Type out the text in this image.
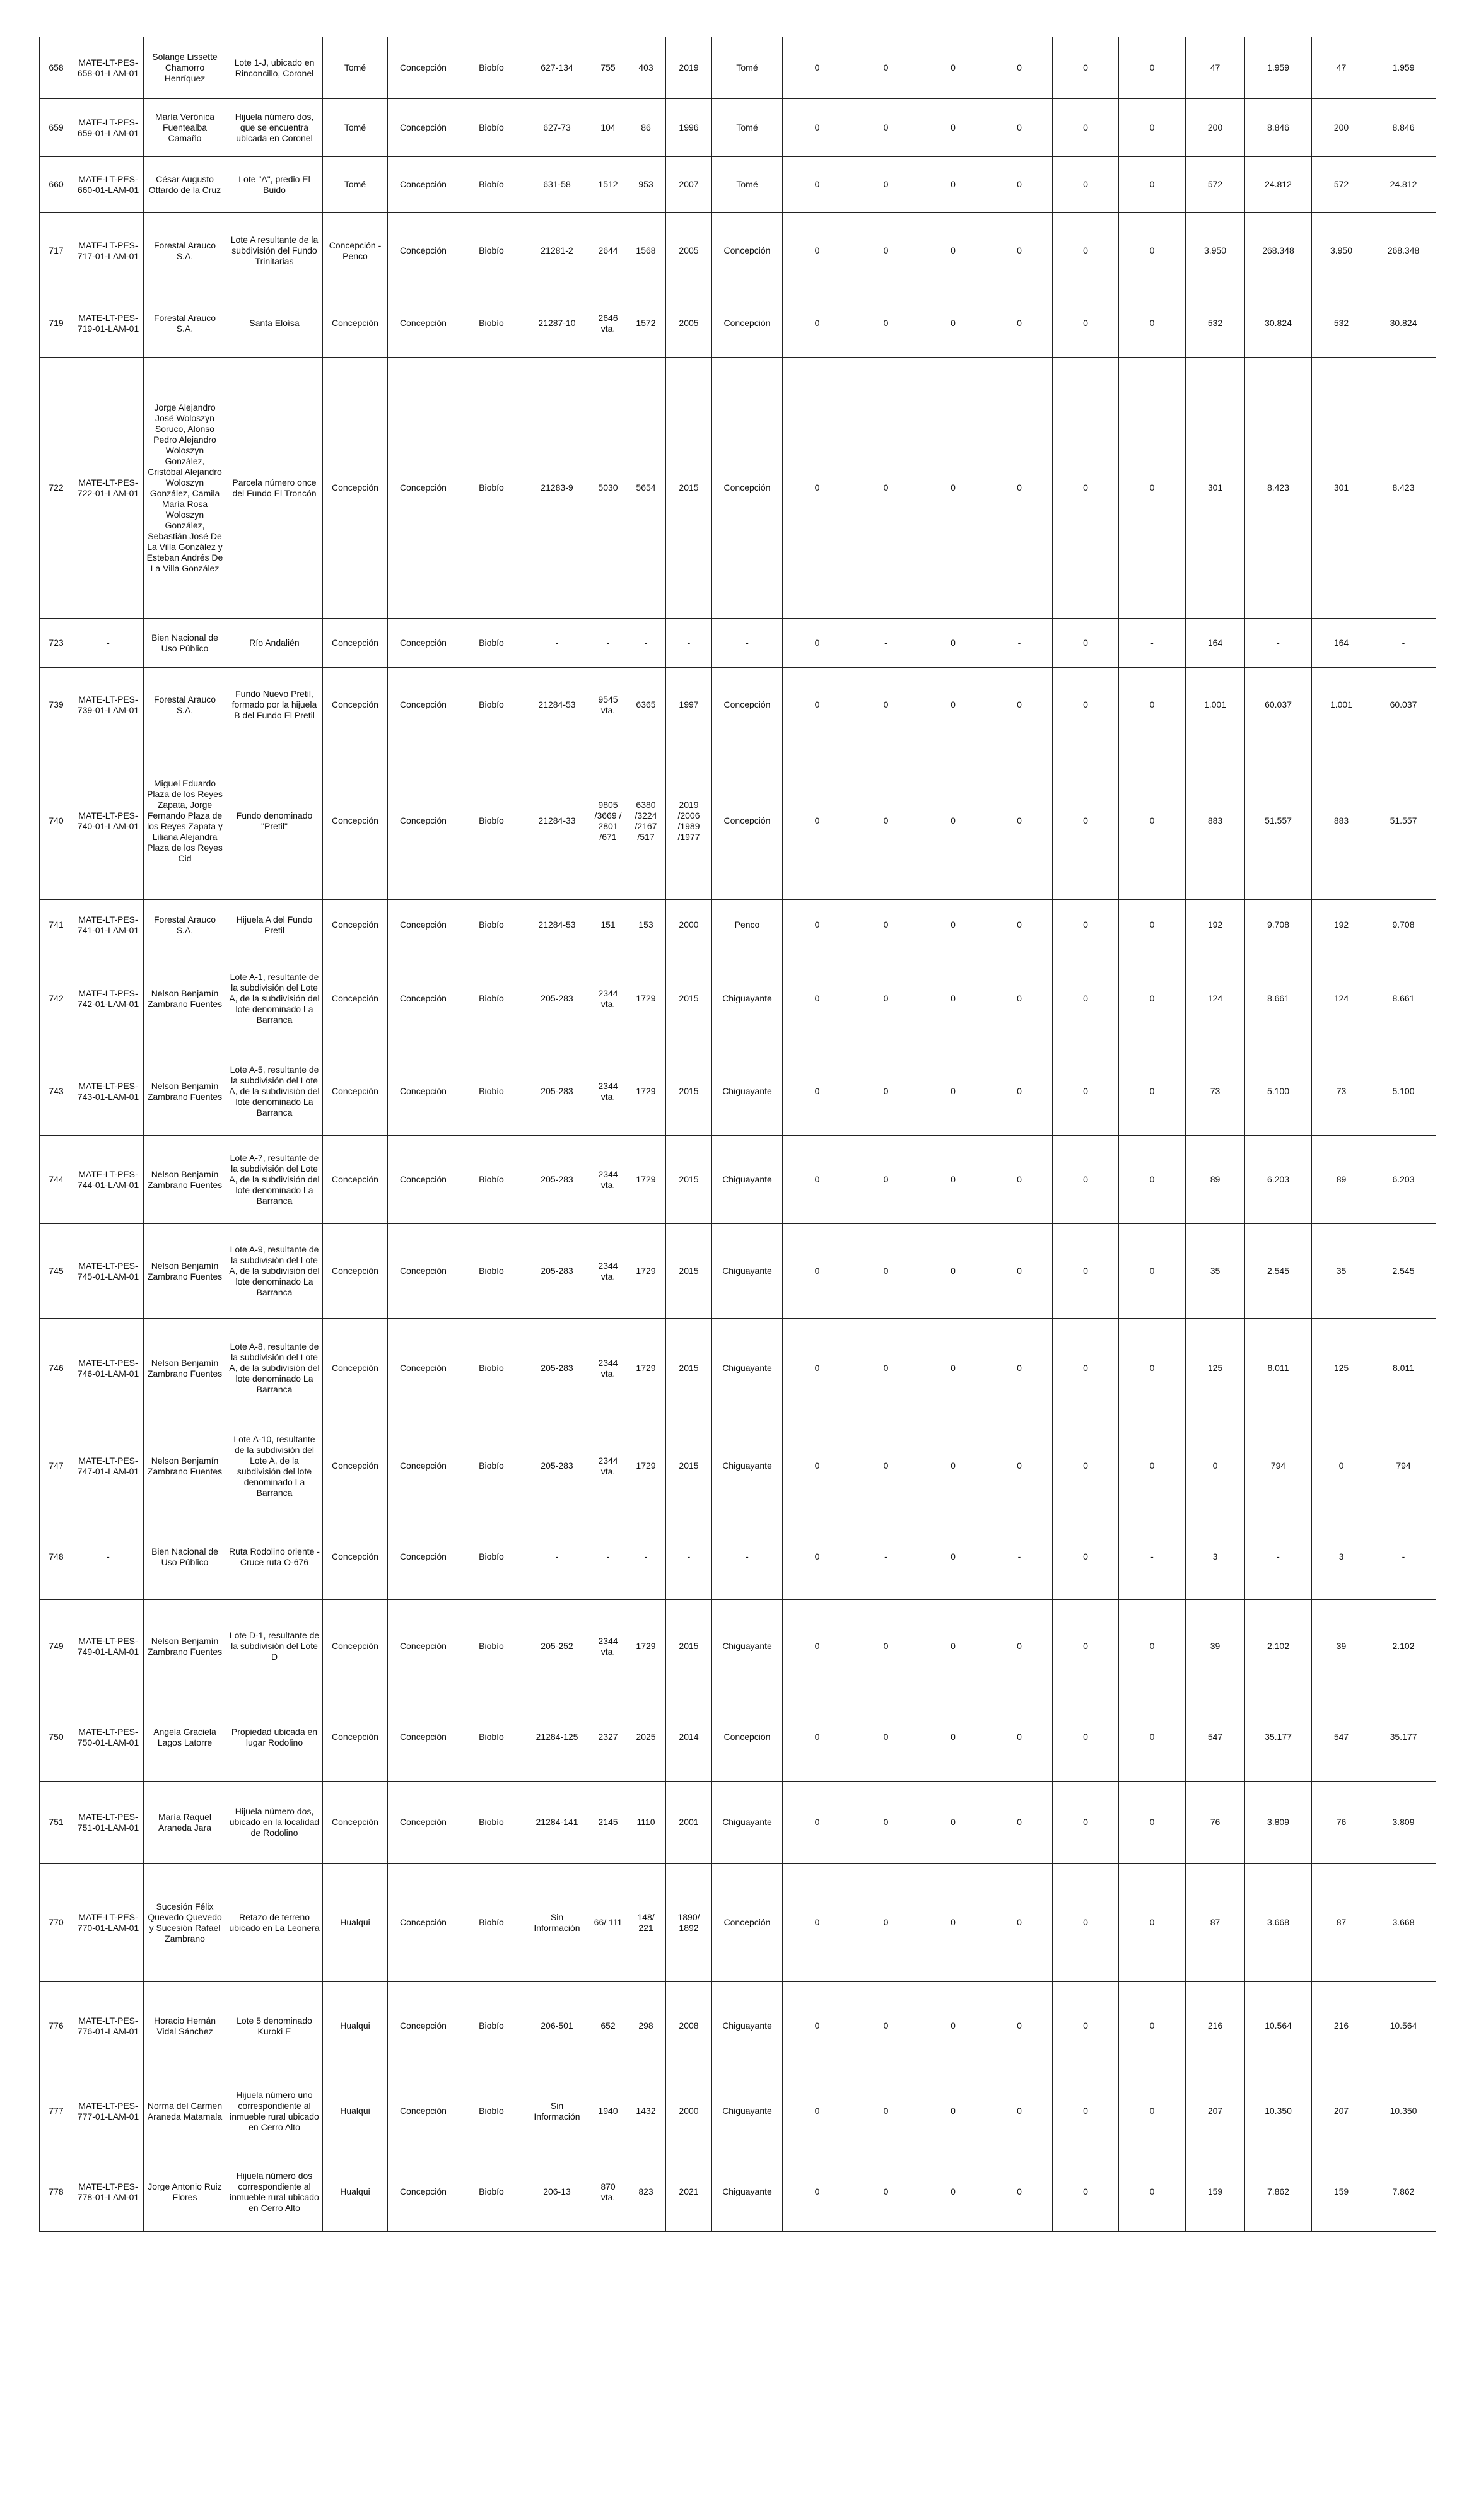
658	MATE-LT-PES-658-01-LAM-01	Solange Lissette Chamorro Henríquez	Lote 1-J, ubicado en Rinconcillo, Coronel	Tomé	Concepción	Biobío	627-134	755	403	2019	Tomé	0	0	0	0	0	0	47	1.959	47	1.959
659	MATE-LT-PES-659-01-LAM-01	María Verónica Fuentealba Camaño	Hijuela número dos, que se encuentra ubicada en Coronel	Tomé	Concepción	Biobío	627-73	104	86	1996	Tomé	0	0	0	0	0	0	200	8.846	200	8.846
660	MATE-LT-PES-660-01-LAM-01	César Augusto Ottardo de la Cruz	Lote "A", predio El Buido	Tomé	Concepción	Biobío	631-58	1512	953	2007	Tomé	0	0	0	0	0	0	572	24.812	572	24.812
717	MATE-LT-PES-717-01-LAM-01	Forestal Arauco S.A.	Lote A resultante de la subdivisión del Fundo Trinitarias	Concepción - Penco	Concepción	Biobío	21281-2	2644	1568	2005	Concepción	0	0	0	0	0	0	3.950	268.348	3.950	268.348
719	MATE-LT-PES-719-01-LAM-01	Forestal Arauco S.A.	Santa Eloísa	Concepción	Concepción	Biobío	21287-10	2646 vta.	1572	2005	Concepción	0	0	0	0	0	0	532	30.824	532	30.824
722	MATE-LT-PES-722-01-LAM-01	Jorge Alejandro José Woloszyn Soruco, Alonso Pedro Alejandro Woloszyn González, Cristóbal Alejandro Woloszyn González, Camila María Rosa Woloszyn González, Sebastián José De La Villa González y Esteban Andrés De La Villa González	Parcela número once del Fundo El Troncón	Concepción	Concepción	Biobío	21283-9	5030	5654	2015	Concepción	0	0	0	0	0	0	301	8.423	301	8.423
723	-	Bien Nacional de Uso Público	Río Andalién	Concepción	Concepción	Biobío	-	-	-	-	-	0	-	0	-	0	-	164	-	164	-
739	MATE-LT-PES-739-01-LAM-01	Forestal Arauco S.A.	Fundo Nuevo Pretil, formado por la hijuela B del Fundo El Pretil	Concepción	Concepción	Biobío	21284-53	9545 vta.	6365	1997	Concepción	0	0	0	0	0	0	1.001	60.037	1.001	60.037
740	MATE-LT-PES-740-01-LAM-01	Miguel Eduardo Plaza de los Reyes Zapata, Jorge Fernando Plaza de los Reyes Zapata y Liliana Alejandra Plaza de los Reyes Cid	Fundo denominado "Pretil"	Concepción	Concepción	Biobío	21284-33	9805 /3669 / 2801 /671	6380 /3224 /2167 /517	2019 /2006 /1989 /1977	Concepción	0	0	0	0	0	0	883	51.557	883	51.557
741	MATE-LT-PES-741-01-LAM-01	Forestal Arauco S.A.	Hijuela A del Fundo Pretil	Concepción	Concepción	Biobío	21284-53	151	153	2000	Penco	0	0	0	0	0	0	192	9.708	192	9.708
742	MATE-LT-PES-742-01-LAM-01	Nelson Benjamín Zambrano Fuentes	Lote A-1, resultante de la subdivisión del Lote A, de la subdivisión del lote denominado La Barranca	Concepción	Concepción	Biobío	205-283	2344 vta.	1729	2015	Chiguayante	0	0	0	0	0	0	124	8.661	124	8.661
743	MATE-LT-PES-743-01-LAM-01	Nelson Benjamín Zambrano Fuentes	Lote A-5, resultante de la subdivisión del Lote A, de la subdivisión del lote denominado La Barranca	Concepción	Concepción	Biobío	205-283	2344 vta.	1729	2015	Chiguayante	0	0	0	0	0	0	73	5.100	73	5.100
744	MATE-LT-PES-744-01-LAM-01	Nelson Benjamín Zambrano Fuentes	Lote A-7, resultante de la subdivisión del Lote A, de la subdivisión del lote denominado La Barranca	Concepción	Concepción	Biobío	205-283	2344 vta.	1729	2015	Chiguayante	0	0	0	0	0	0	89	6.203	89	6.203
745	MATE-LT-PES-745-01-LAM-01	Nelson Benjamín Zambrano Fuentes	Lote A-9, resultante de la subdivisión del Lote A, de la subdivisión del lote denominado La Barranca	Concepción	Concepción	Biobío	205-283	2344 vta.	1729	2015	Chiguayante	0	0	0	0	0	0	35	2.545	35	2.545
746	MATE-LT-PES-746-01-LAM-01	Nelson Benjamín Zambrano Fuentes	Lote A-8, resultante de la subdivisión del Lote A, de la subdivisión del lote denominado La Barranca	Concepción	Concepción	Biobío	205-283	2344 vta.	1729	2015	Chiguayante	0	0	0	0	0	0	125	8.011	125	8.011
747	MATE-LT-PES-747-01-LAM-01	Nelson Benjamín Zambrano Fuentes	Lote A-10, resultante de la subdivisión del Lote A, de la subdivisión del lote denominado La Barranca	Concepción	Concepción	Biobío	205-283	2344 vta.	1729	2015	Chiguayante	0	0	0	0	0	0	0	794	0	794
748	-	Bien Nacional de Uso Público	Ruta Rodolino oriente - Cruce ruta O-676	Concepción	Concepción	Biobío	-	-	-	-	-	0	-	0	-	0	-	3	-	3	-
749	MATE-LT-PES-749-01-LAM-01	Nelson Benjamín Zambrano Fuentes	Lote D-1, resultante de la subdivisión del Lote D	Concepción	Concepción	Biobío	205-252	2344 vta.	1729	2015	Chiguayante	0	0	0	0	0	0	39	2.102	39	2.102
750	MATE-LT-PES-750-01-LAM-01	Angela Graciela Lagos Latorre	Propiedad ubicada en lugar Rodolino	Concepción	Concepción	Biobío	21284-125	2327	2025	2014	Concepción	0	0	0	0	0	0	547	35.177	547	35.177
751	MATE-LT-PES-751-01-LAM-01	María Raquel Araneda Jara	Hijuela número dos, ubicado en la localidad de Rodolino	Concepción	Concepción	Biobío	21284-141	2145	1110	2001	Chiguayante	0	0	0	0	0	0	76	3.809	76	3.809
770	MATE-LT-PES-770-01-LAM-01	Sucesión Félix Quevedo Quevedo y Sucesión Rafael Zambrano	Retazo de terreno ubicado en La Leonera	Hualqui	Concepción	Biobío	Sin Información	66/ 111	148/ 221	1890/ 1892	Concepción	0	0	0	0	0	0	87	3.668	87	3.668
776	MATE-LT-PES-776-01-LAM-01	Horacio Hernán Vidal Sánchez	Lote 5 denominado Kuroki E	Hualqui	Concepción	Biobío	206-501	652	298	2008	Chiguayante	0	0	0	0	0	0	216	10.564	216	10.564
777	MATE-LT-PES-777-01-LAM-01	Norma del Carmen Araneda Matamala	Hijuela número uno correspondiente al inmueble rural ubicado en Cerro Alto	Hualqui	Concepción	Biobío	Sin Información	1940	1432	2000	Chiguayante	0	0	0	0	0	0	207	10.350	207	10.350
778	MATE-LT-PES-778-01-LAM-01	Jorge Antonio Ruiz Flores	Hijuela número dos correspondiente al inmueble rural ubicado en Cerro Alto	Hualqui	Concepción	Biobío	206-13	870 vta.	823	2021	Chiguayante	0	0	0	0	0	0	159	7.862	159	7.862
